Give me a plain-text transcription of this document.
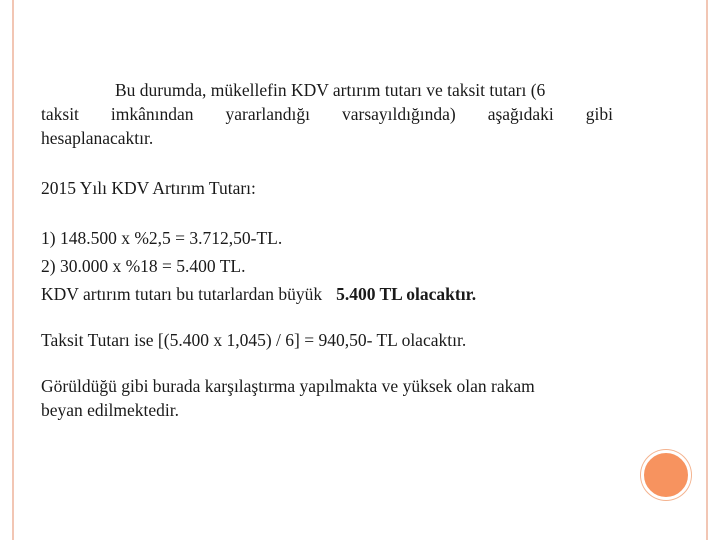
Bu durumda, mükellefin KDV artırım tutarı ve taksit tutarı (6
taksit imkânından yararlandığı varsayıldığında) aşağıdaki gibi
hesaplanacaktır.

2015 Yılı KDV Artırım Tutarı:

1) 148.500 x %2,5 = 3.712,50-TL.

2) 30.000 x %18 = 5.400 TL.

KDV artırım tutarı bu tutarlardan büyük 5.400 TL olacaktır.

Taksit Tutarı ise [(5.400 x 1,045) / 6] = 940,50- TL olacaktır.

Görüldüğü gibi burada karşılaştırma yapılmakta ve yüksek olan rakam

beyan edilmektedir.
